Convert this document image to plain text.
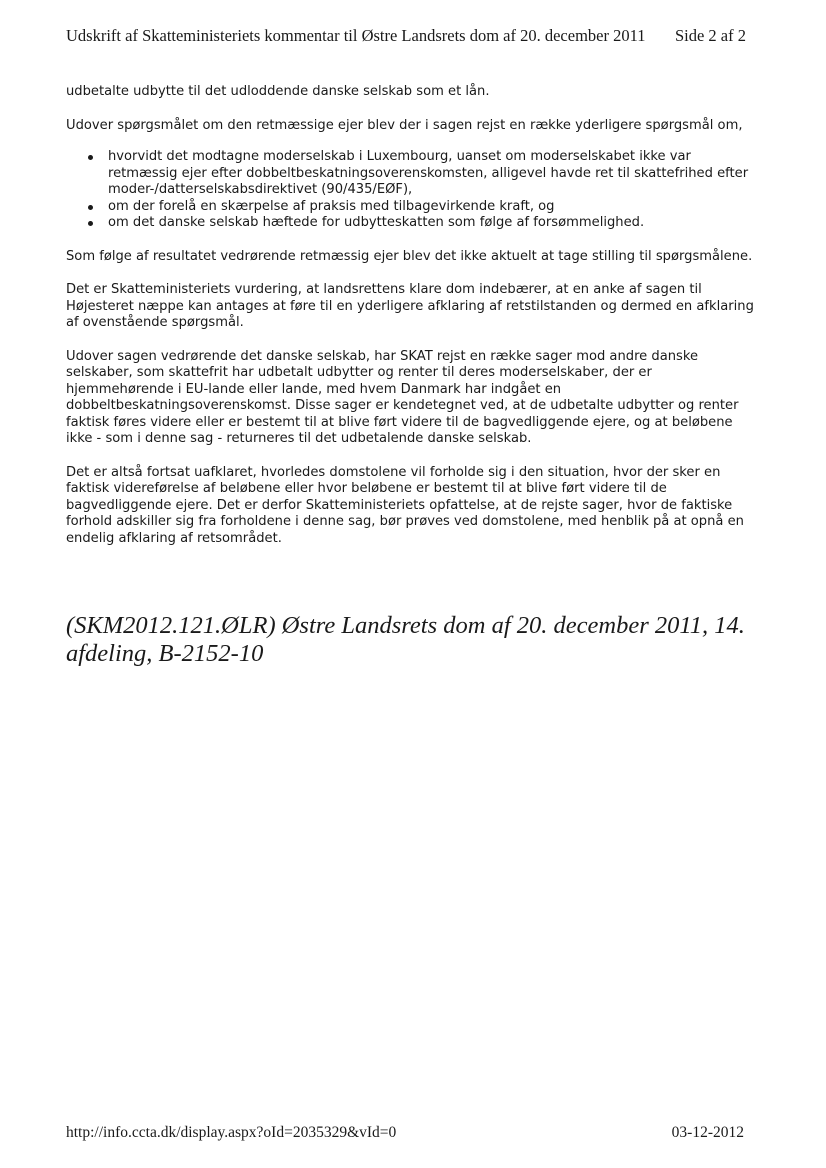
Udskrift af Skatteministeriets kommentar til Østre Landsrets dom af 20. december 2011 Side 2 af 2

udbetalte udbytte til det udloddende danske selskab som et lån.

Udover spørgsmålet om den retmæssige ejer blev der i sagen rejst en række yderligere spørgsmål om,

hvorvidt det modtagne moderselskab i Luxembourg, uanset om moderselskabet ikke var retmæssig ejer efter dobbeltbeskatningsoverenskomsten, alligevel havde ret til skattefrihed efter moder-/datterselskabsdirektivet (90/435/EØF),
om der forelå en skærpelse af praksis med tilbagevirkende kraft, og
om det danske selskab hæftede for udbytteskatten som følge af forsømmelighed.

Som følge af resultatet vedrørende retmæssig ejer blev det ikke aktuelt at tage stilling til spørgsmålene.

Det er Skatteministeriets vurdering, at landsrettens klare dom indebærer, at en anke af sagen til Højesteret næppe kan antages at føre til en yderligere afklaring af retstilstanden og dermed en afklaring af ovenstående spørgsmål.

Udover sagen vedrørende det danske selskab, har SKAT rejst en række sager mod andre danske selskaber, som skattefrit har udbetalt udbytter og renter til deres moderselskaber, der er hjemmehørende i EU-lande eller lande, med hvem Danmark har indgået en dobbeltbeskatningsoverenskomst. Disse sager er kendetegnet ved, at de udbetalte udbytter og renter faktisk føres videre eller er bestemt til at blive ført videre til de bagvedliggende ejere, og at beløbene ikke - som i denne sag - returneres til det udbetalende danske selskab.

Det er altså fortsat uafklaret, hvorledes domstolene vil forholde sig i den situation, hvor der sker en faktisk videreførelse af beløbene eller hvor beløbene er bestemt til at blive ført videre til de bagvedliggende ejere. Det er derfor Skatteministeriets opfattelse, at de rejste sager, hvor de faktiske forhold adskiller sig fra forholdene i denne sag, bør prøves ved domstolene, med henblik på at opnå en endelig afklaring af retsområdet.

(SKM2012.121.ØLR) Østre Landsrets dom af 20. december 2011, 14. afdeling, B-2152-10
http://info.ccta.dk/display.aspx?oId=2035329&vId=0	03-12-2012
